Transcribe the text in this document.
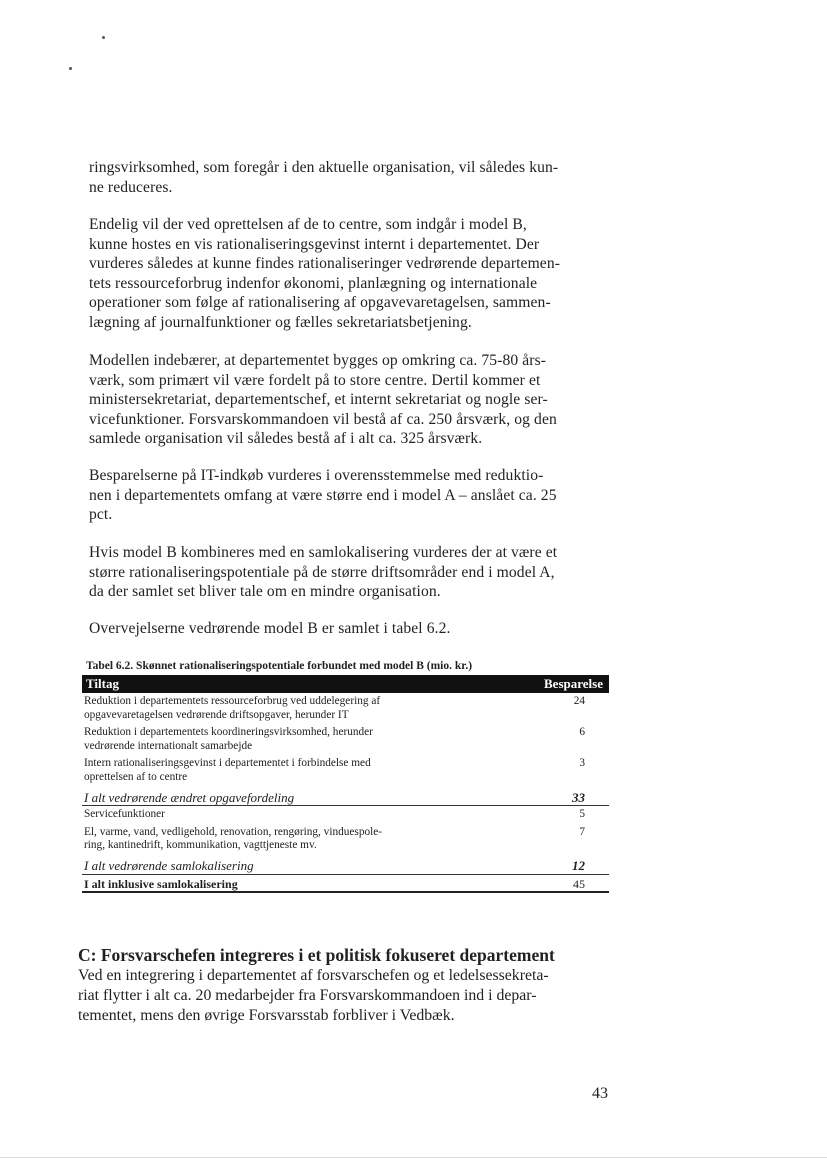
ringsvirksomhed, som foregår i den aktuelle organisation, vil således kun-
ne reduceres.

Endelig vil der ved oprettelsen af de to centre, som indgår i model B,
kunne hostes en vis rationaliseringsgevinst internt i departementet. Der
vurderes således at kunne findes rationaliseringer vedrørende departemen-
tets ressourceforbrug indenfor økonomi, planlægning og internationale
operationer som følge af rationalisering af opgavevaretagelsen, sammen-
lægning af journalfunktioner og fælles sekretariatsbetjening.

Modellen indebærer, at departementet bygges op omkring ca. 75-80 års-
værk, som primært vil være fordelt på to store centre. Dertil kommer et
ministersekretariat, departementschef, et internt sekretariat og nogle ser-
vicefunktioner. Forsvarskommandoen vil bestå af ca. 250 årsværk, og den
samlede organisation vil således bestå af i alt ca. 325 årsværk.

Besparelserne på IT-indkøb vurderes i overensstemmelse med reduktio-
nen i departementets omfang at være større end i model A – anslået ca. 25
pct.

Hvis model B kombineres med en samlokalisering vurderes der at være et
større rationaliseringspotentiale på de større driftsområder end i model A,
da der samlet set bliver tale om en mindre organisation.

Overvejelserne vedrørende model B er samlet i tabel 6.2.

Tabel 6.2. Skønnet rationaliseringspotentiale forbundet med model B (mio. kr.)
Tiltag	Besparelse

Reduktion i departementets ressourceforbrug ved uddelegering af
opgavevaretagelsen vedrørende driftsopgaver, herunder IT	24

Reduktion i departementets koordineringsvirksomhed, herunder
vedrørende internationalt samarbejde	6

Intern rationaliseringsgevinst i departementet i forbindelse med
oprettelsen af to centre	3

I alt vedrørende ændret opgavefordeling	33

Servicefunktioner	5

El, varme, vand, vedligehold, renovation, rengøring, vinduespole-
ring, kantinedrift, kommunikation, vagttjeneste mv.	7

I alt vedrørende samlokalisering	12

I alt inklusive samlokalisering	45
C: Forsvarschefen integreres i et politisk fokuseret departement

Ved en integrering i departementet af forsvarschefen og et ledelsessekreta-
riat flytter i alt ca. 20 medarbejder fra Forsvarskommandoen ind i depar-
tementet, mens den øvrige Forsvarsstab forbliver i Vedbæk.

43
